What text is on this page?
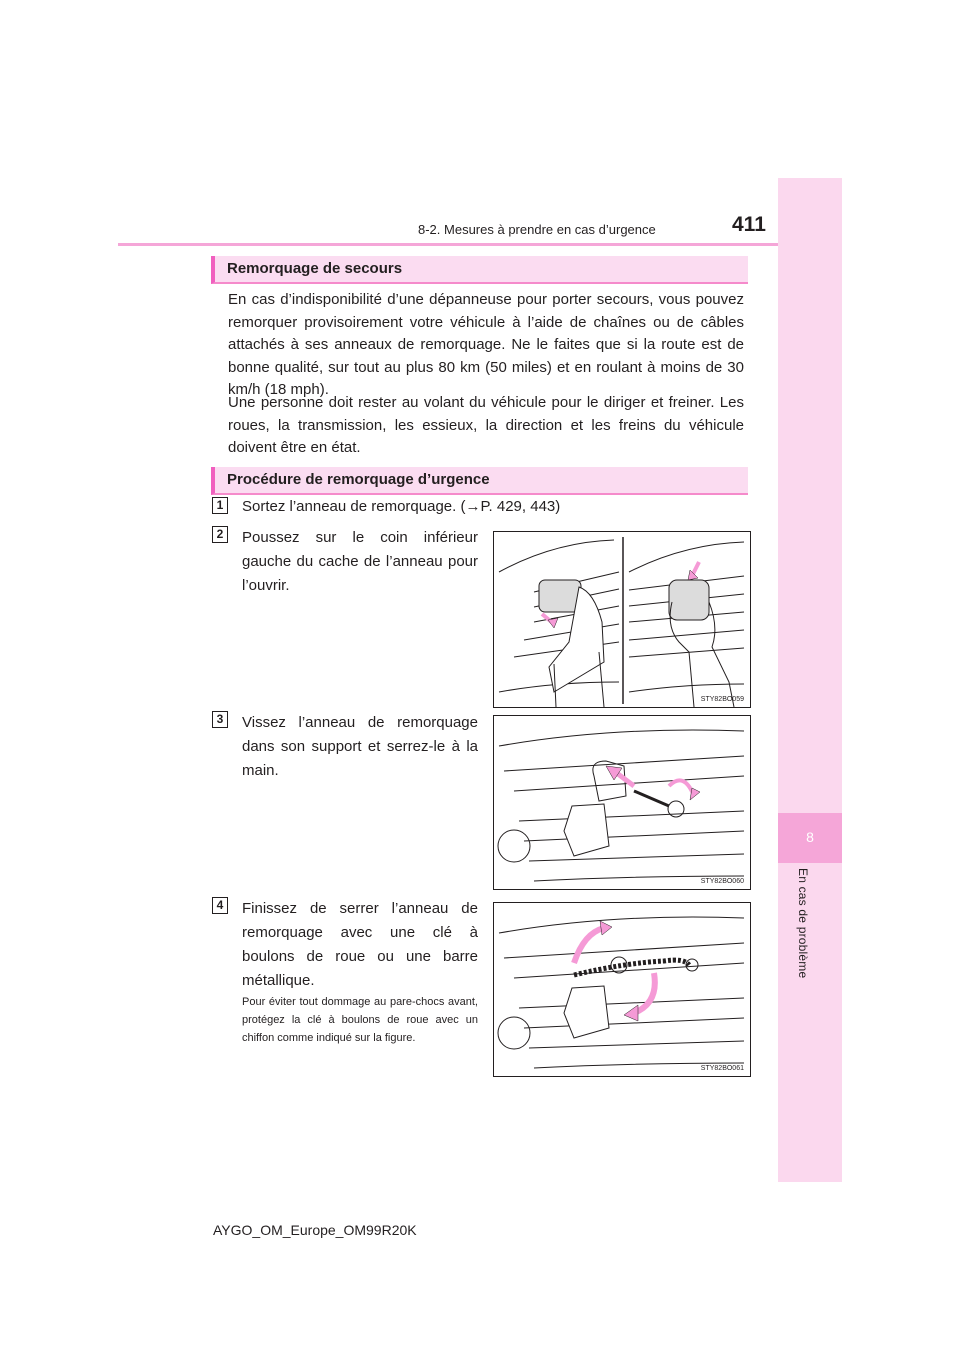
8-2. Mesures à prendre en cas d’urgence	411
8
En cas de problème
Remorquage de secours
En cas d’indisponibilité d’une dépanneuse pour porter secours, vous pouvez remorquer provisoirement votre véhicule à l’aide de chaînes ou de câbles attachés à ses anneaux de remorquage. Ne le faites que si la route est de bonne qualité, sur tout au plus 80 km (50 miles) et en roulant à moins de 30 km/h (18 mph).
Une personne doit rester au volant du véhicule pour le diriger et freiner. Les roues, la transmission, les essieux, la direction et les freins du véhicule doivent être en état.
Procédure de remorquage d’urgence
1	Sortez l’anneau de remorquage. (→P. 429, 443)
2	Poussez sur le coin inférieur gauche du cache de l’anneau pour l’ouvrir.
STY82BO059
3	Vissez l’anneau de remorquage dans son support et serrez-le à la main.
STY82BO060
4	Finissez de serrer l’anneau de remorquage avec une clé à boulons de roue ou une barre métallique.
Pour éviter tout dommage au pare-chocs avant, protégez la clé à boulons de roue avec un chiffon comme indiqué sur la figure.
STY82BO061
AYGO_OM_Europe_OM99R20K
